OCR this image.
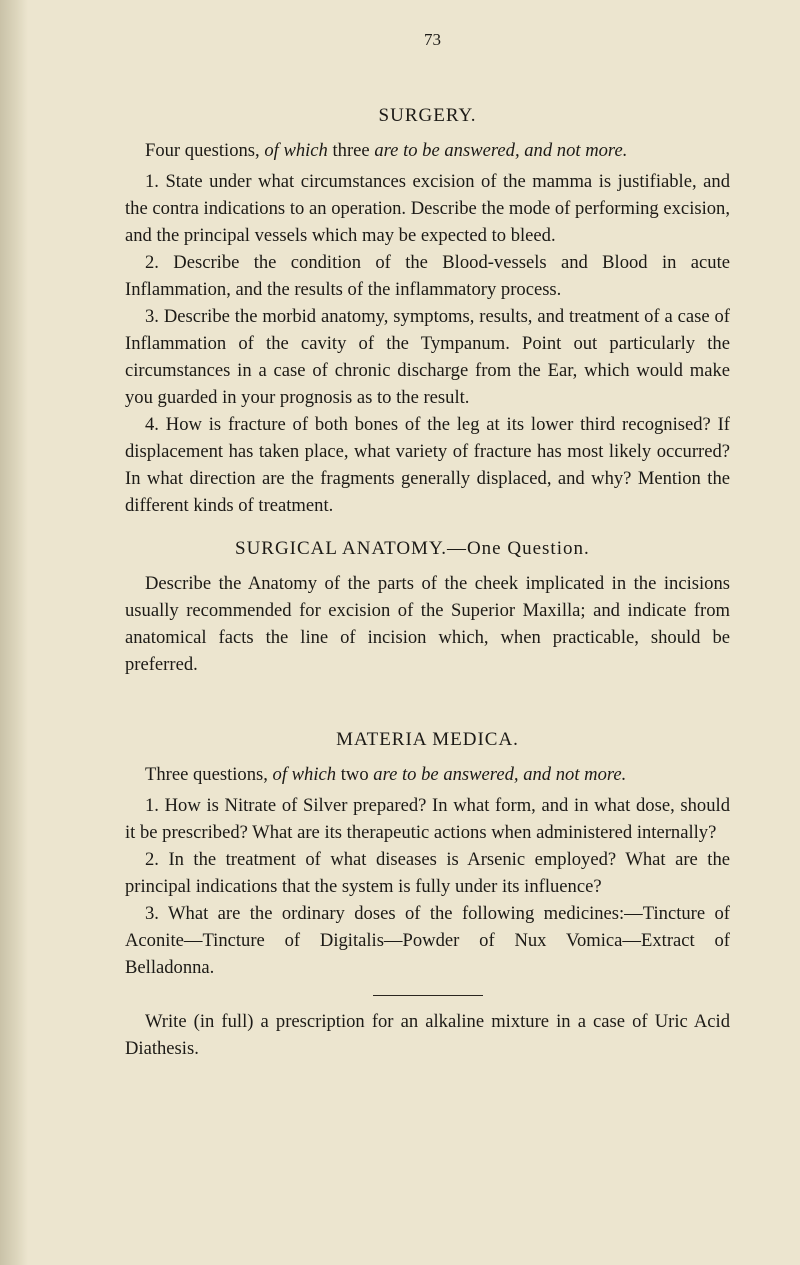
73
SURGERY.

Four questions, of which three are to be answered, and not more.

1. State under what circumstances excision of the mamma is justifiable, and the contra indications to an operation. Describe the mode of performing excision, and the principal vessels which may be expected to bleed.

2. Describe the condition of the Blood-vessels and Blood in acute Inflammation, and the results of the inflammatory process.

3. Describe the morbid anatomy, symptoms, results, and treatment of a case of Inflammation of the cavity of the Tympanum. Point out particularly the circumstances in a case of chronic discharge from the Ear, which would make you guarded in your prognosis as to the result.

4. How is fracture of both bones of the leg at its lower third recognised? If displacement has taken place, what variety of fracture has most likely occurred? In what direction are the fragments generally displaced, and why? Mention the different kinds of treatment.

SURGICAL ANATOMY.—One Question.

Describe the Anatomy of the parts of the cheek implicated in the incisions usually recommended for excision of the Superior Maxilla; and indicate from anatomical facts the line of incision which, when practicable, should be preferred.

MATERIA MEDICA.

Three questions, of which two are to be answered, and not more.

1. How is Nitrate of Silver prepared? In what form, and in what dose, should it be prescribed? What are its therapeutic actions when administered internally?

2. In the treatment of what diseases is Arsenic employed? What are the principal indications that the system is fully under its influence?

3. What are the ordinary doses of the following medicines:—Tincture of Aconite—Tincture of Digitalis—Powder of Nux Vomica—Extract of Belladonna.

Write (in full) a prescription for an alkaline mixture in a case of Uric Acid Diathesis.
